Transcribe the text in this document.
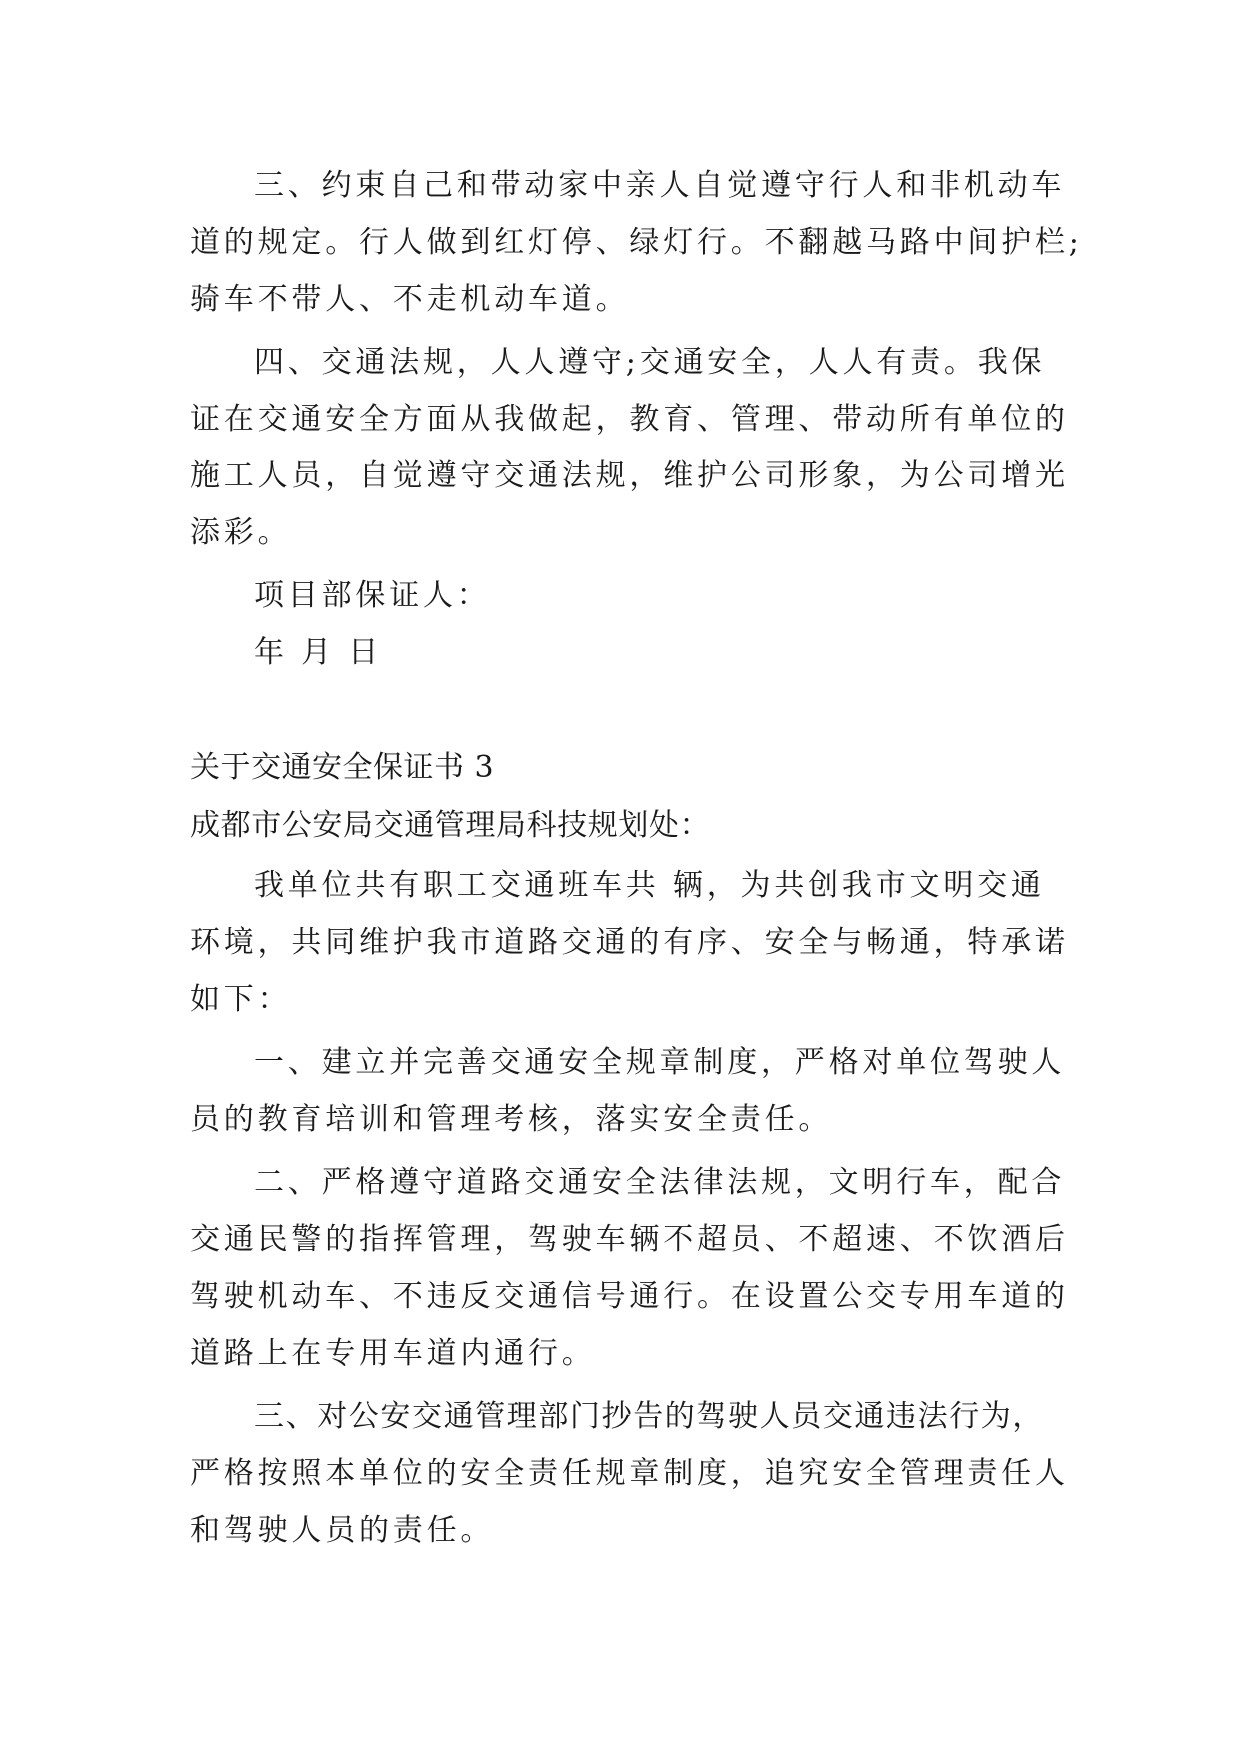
三、约束自己和带动家中亲人自觉遵守行人和非机动车
道的规定。行人做到红灯停、绿灯行。不翻越马路中间护栏;
骑车不带人、不走机动车道。
四、交通法规，人人遵守;交通安全，人人有责。我保
证在交通安全方面从我做起，教育、管理、带动所有单位的
施工人员，自觉遵守交通法规，维护公司形象，为公司增光
添彩。
项目部保证人：
年 月 日
关于交通安全保证书 3
成都市公安局交通管理局科技规划处：
我单位共有职工交通班车共 辆，为共创我市文明交通
环境，共同维护我市道路交通的有序、安全与畅通，特承诺
如下：
一、建立并完善交通安全规章制度，严格对单位驾驶人
员的教育培训和管理考核，落实安全责任。
二、严格遵守道路交通安全法律法规，文明行车，配合
交通民警的指挥管理，驾驶车辆不超员、不超速、不饮酒后
驾驶机动车、不违反交通信号通行。在设置公交专用车道的
道路上在专用车道内通行。
三、对公安交通管理部门抄告的驾驶人员交通违法行为，
严格按照本单位的安全责任规章制度，追究安全管理责任人
和驾驶人员的责任。
